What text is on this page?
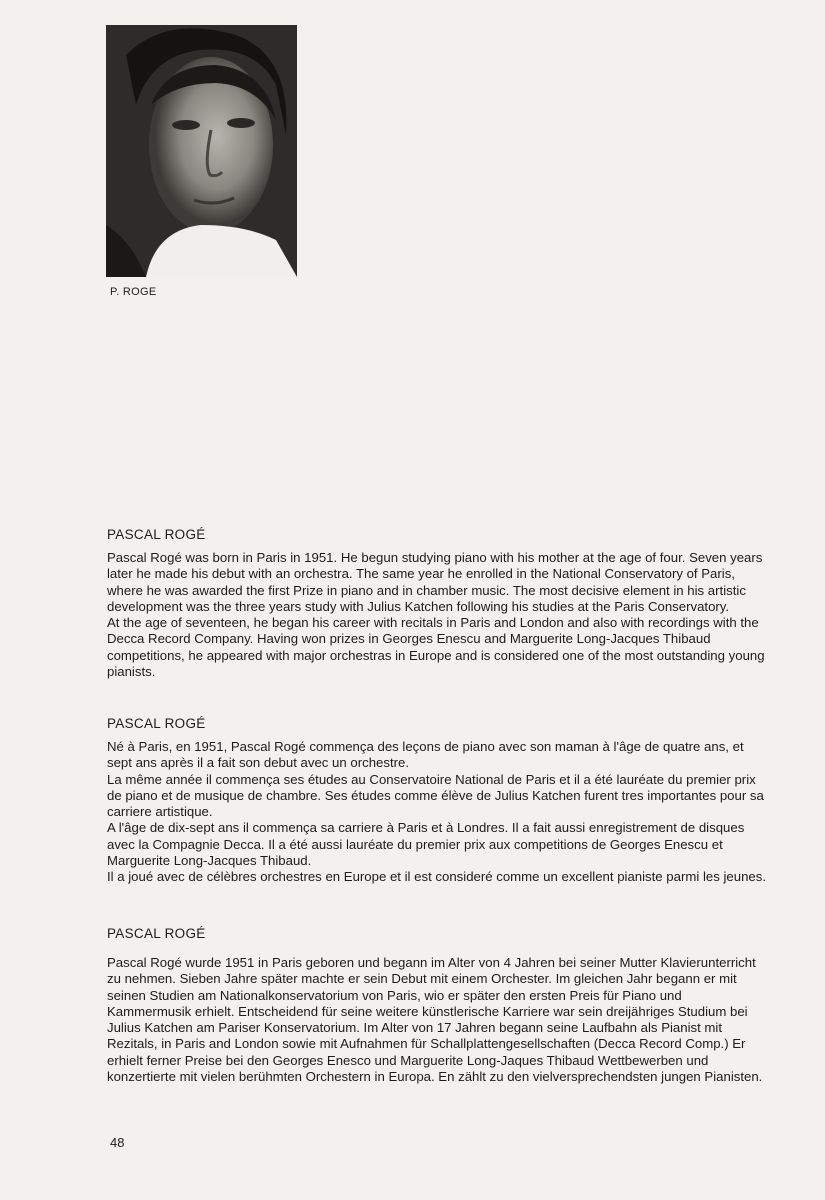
P. ROGE
PASCAL ROGÉ

Pascal Rogé was born in Paris in 1951. He begun studying piano with his mother at the age of four. Seven years later he made his debut with an orchestra. The same year he enrolled in the National Conservatory of Paris, where he was awarded the first Prize in piano and in chamber music. The most decisive element in his artistic development was the three years study with Julius Katchen following his studies at the Paris Conservatory.

At the age of seventeen, he began his career with recitals in Paris and London and also with recordings with the Decca Record Company. Having won prizes in Georges Enescu and Marguerite Long-Jacques Thibaud competitions, he appeared with major orchestras in Europe and is considered one of the most outstanding young pianists.

PASCAL ROGÉ

Né à Paris, en 1951, Pascal Rogé commença des leçons de piano avec son maman à l'âge de quatre ans, et sept ans après il a fait son debut avec un orchestre.

La même année il commença ses études au Conservatoire National de Paris et il a été lauréate du premier prix de piano et de musique de chambre. Ses études comme élève de Julius Katchen furent tres importantes pour sa carriere artistique.

A l'âge de dix-sept ans il commença sa carriere à Paris et à Londres. Il a fait aussi enregistrement de disques avec la Compagnie Decca. Il a été aussi lauréate du premier prix aux competitions de Georges Enescu et Marguerite Long-Jacques Thibaud.

Il a joué avec de célèbres orchestres en Europe et il est consideré comme un excellent pianiste parmi les jeunes.

PASCAL ROGÉ

Pascal Rogé wurde 1951 in Paris geboren und begann im Alter von 4 Jahren bei seiner Mutter Klavierunterricht zu nehmen. Sieben Jahre später machte er sein Debut mit einem Orchester. Im gleichen Jahr begann er mit seinen Studien am Nationalkonservatorium von Paris, wio er später den ersten Preis für Piano und Kammermusik erhielt. Entscheidend für seine weitere künstlerische Karriere war sein dreijähriges Studium bei Julius Katchen am Pariser Konservatorium. Im Alter von 17 Jahren begann seine Laufbahn als Pianist mit Rezitals, in Paris and London sowie mit Aufnahmen für Schallplattengesellschaften (Decca Record Comp.) Er erhielt ferner Preise bei den Georges Enesco und Marguerite Long-Jaques Thibaud Wettbewerben und konzertierte mit vielen berühmten Orchestern in Europa. En zählt zu den vielversprechendsten jungen Pianisten.

48
